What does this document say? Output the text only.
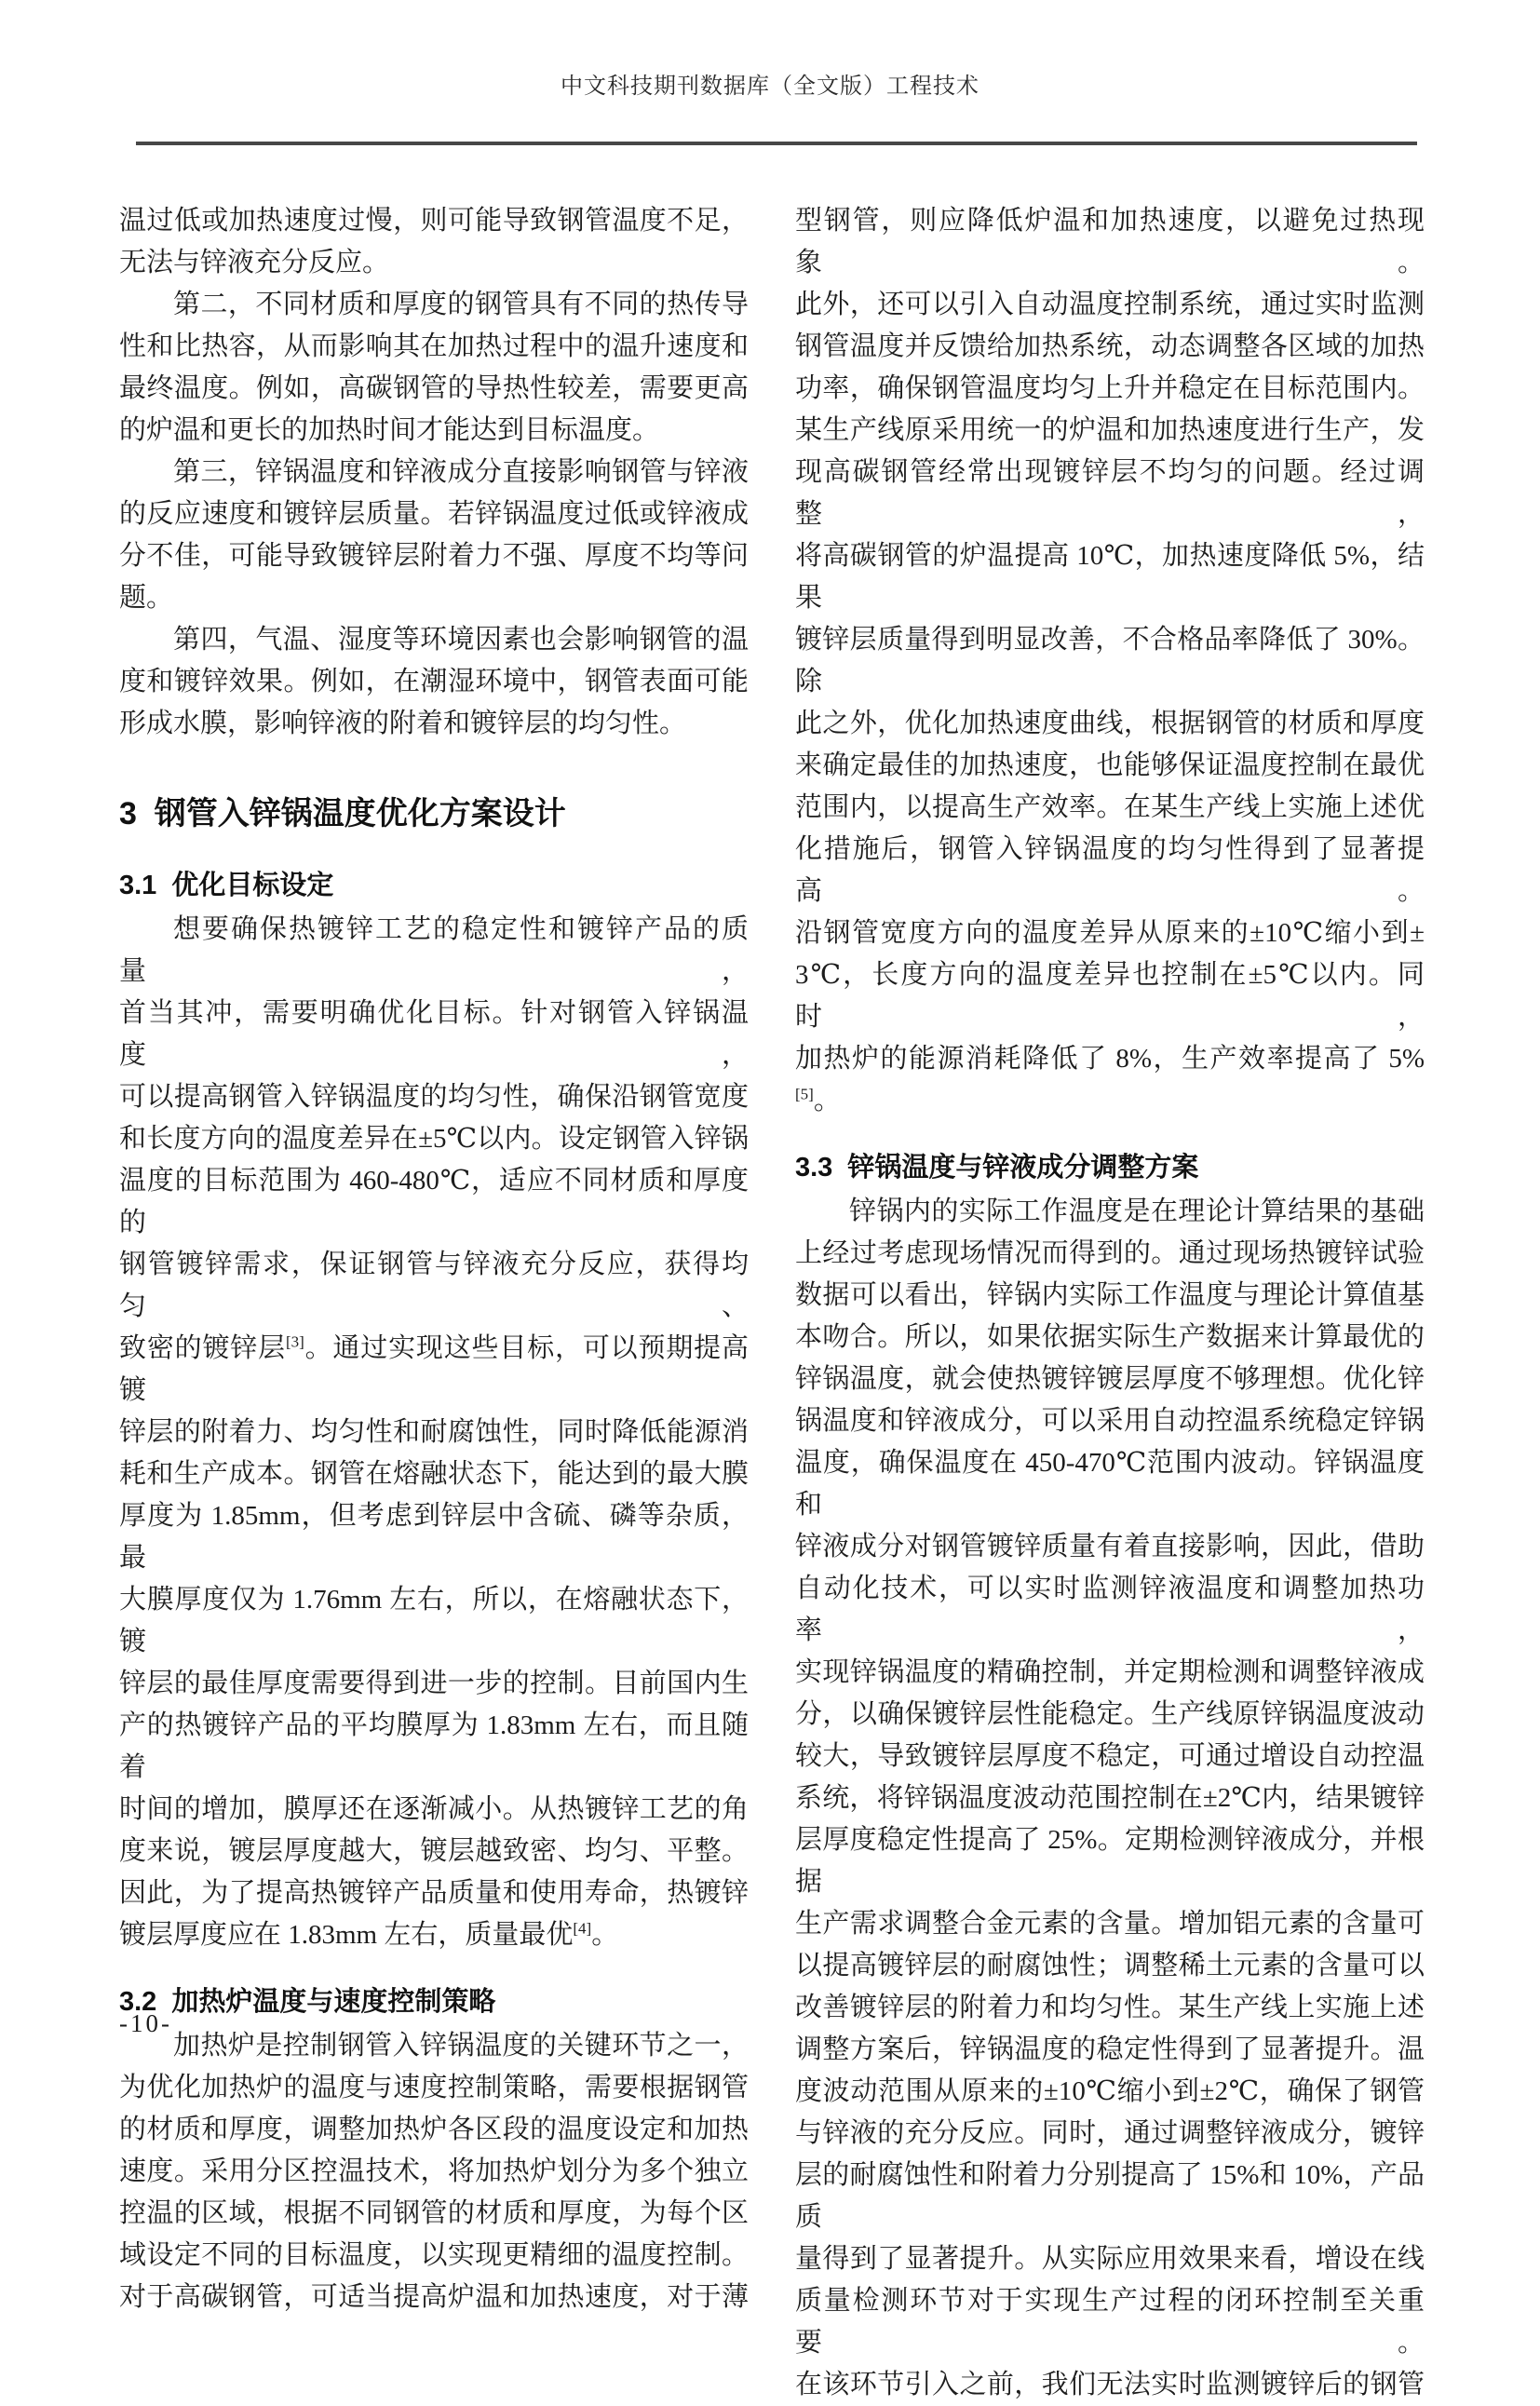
中文科技期刊数据库（全文版）工程技术
温过低或加热速度过慢，则可能导致钢管温度不足，
无法与锌液充分反应。
第二，不同材质和厚度的钢管具有不同的热传导
性和比热容，从而影响其在加热过程中的温升速度和
最终温度。例如，高碳钢管的导热性较差，需要更高
的炉温和更长的加热时间才能达到目标温度。
第三，锌锅温度和锌液成分直接影响钢管与锌液
的反应速度和镀锌层质量。若锌锅温度过低或锌液成
分不佳，可能导致镀锌层附着力不强、厚度不均等问
题。
第四，气温、湿度等环境因素也会影响钢管的温
度和镀锌效果。例如，在潮湿环境中，钢管表面可能
形成水膜，影响锌液的附着和镀锌层的均匀性。
3  钢管入锌锅温度优化方案设计
3.1  优化目标设定
想要确保热镀锌工艺的稳定性和镀锌产品的质量，
首当其冲，需要明确优化目标。针对钢管入锌锅温度，
可以提高钢管入锌锅温度的均匀性，确保沿钢管宽度
和长度方向的温度差异在±5℃以内。设定钢管入锌锅
温度的目标范围为 460-480℃，适应不同材质和厚度的
钢管镀锌需求，保证钢管与锌液充分反应，获得均匀、
致密的镀锌层[3]。通过实现这些目标，可以预期提高镀
锌层的附着力、均匀性和耐腐蚀性，同时降低能源消
耗和生产成本。钢管在熔融状态下，能达到的最大膜
厚度为 1.85mm，但考虑到锌层中含硫、磷等杂质，最
大膜厚度仅为 1.76mm 左右，所以，在熔融状态下，镀
锌层的最佳厚度需要得到进一步的控制。目前国内生
产的热镀锌产品的平均膜厚为 1.83mm 左右，而且随着
时间的增加，膜厚还在逐渐减小。从热镀锌工艺的角
度来说，镀层厚度越大，镀层越致密、均匀、平整。
因此，为了提高热镀锌产品质量和使用寿命，热镀锌
镀层厚度应在 1.83mm 左右，质量最优[4]。
3.2  加热炉温度与速度控制策略
加热炉是控制钢管入锌锅温度的关键环节之一，
为优化加热炉的温度与速度控制策略，需要根据钢管
的材质和厚度，调整加热炉各区段的温度设定和加热
速度。采用分区控温技术，将加热炉划分为多个独立
控温的区域，根据不同钢管的材质和厚度，为每个区
域设定不同的目标温度，以实现更精细的温度控制。
对于高碳钢管，可适当提高炉温和加热速度，对于薄
型钢管，则应降低炉温和加热速度，以避免过热现象。
此外，还可以引入自动温度控制系统，通过实时监测
钢管温度并反馈给加热系统，动态调整各区域的加热
功率，确保钢管温度均匀上升并稳定在目标范围内。
某生产线原采用统一的炉温和加热速度进行生产，发
现高碳钢管经常出现镀锌层不均匀的问题。经过调整，
将高碳钢管的炉温提高 10℃，加热速度降低 5%，结果
镀锌层质量得到明显改善，不合格品率降低了 30%。除
此之外，优化加热速度曲线，根据钢管的材质和厚度
来确定最佳的加热速度，也能够保证温度控制在最优
范围内，以提高生产效率。在某生产线上实施上述优
化措施后，钢管入锌锅温度的均匀性得到了显著提高。
沿钢管宽度方向的温度差异从原来的±10℃缩小到±
3℃，长度方向的温度差异也控制在±5℃以内。同时，
加热炉的能源消耗降低了 8%，生产效率提高了 5%[5]。
3.3  锌锅温度与锌液成分调整方案
锌锅内的实际工作温度是在理论计算结果的基础
上经过考虑现场情况而得到的。通过现场热镀锌试验
数据可以看出，锌锅内实际工作温度与理论计算值基
本吻合。所以，如果依据实际生产数据来计算最优的
锌锅温度，就会使热镀锌镀层厚度不够理想。优化锌
锅温度和锌液成分，可以采用自动控温系统稳定锌锅
温度，确保温度在 450-470℃范围内波动。锌锅温度和
锌液成分对钢管镀锌质量有着直接影响，因此，借助
自动化技术，可以实时监测锌液温度和调整加热功率，
实现锌锅温度的精确控制，并定期检测和调整锌液成
分，以确保镀锌层性能稳定。生产线原锌锅温度波动
较大，导致镀锌层厚度不稳定，可通过增设自动控温
系统，将锌锅温度波动范围控制在±2℃内，结果镀锌
层厚度稳定性提高了 25%。定期检测锌液成分，并根据
生产需求调整合金元素的含量。增加铝元素的含量可
以提高镀锌层的耐腐蚀性；调整稀土元素的含量可以
改善镀锌层的附着力和均匀性。某生产线上实施上述
调整方案后，锌锅温度的稳定性得到了显著提升。温
度波动范围从原来的±10℃缩小到±2℃，确保了钢管
与锌液的充分反应。同时，通过调整锌液成分，镀锌
层的耐腐蚀性和附着力分别提高了 15%和 10%，产品质
量得到了显著提升。从实际应用效果来看，增设在线
质量检测环节对于实现生产过程的闭环控制至关重要。
在该环节引入之前，我们无法实时监测镀锌后的钢管
-10-
